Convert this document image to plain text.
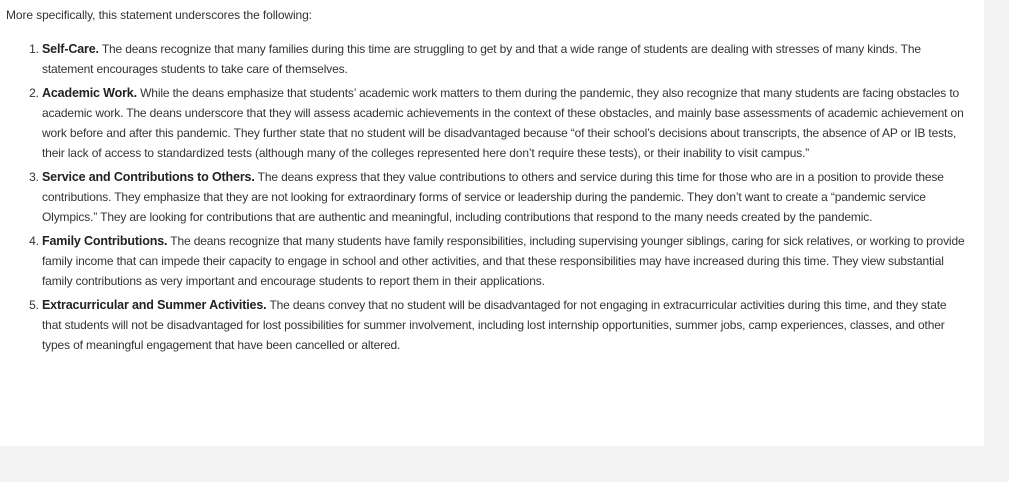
More specifically, this statement underscores the following:

1. Self-Care. The deans recognize that many families during this time are struggling to get by and that a wide range of students are dealing with stresses of many kinds. The statement encourages students to take care of themselves.
2. Academic Work. While the deans emphasize that students’ academic work matters to them during the pandemic, they also recognize that many students are facing obstacles to academic work. The deans underscore that they will assess academic achievements in the context of these obstacles, and mainly base assessments of academic achievement on work before and after this pandemic. They further state that no student will be disadvantaged because “of their school’s decisions about transcripts, the absence of AP or IB tests, their lack of access to standardized tests (although many of the colleges represented here don’t require these tests), or their inability to visit campus.”
3. Service and Contributions to Others. The deans express that they value contributions to others and service during this time for those who are in a position to provide these contributions. They emphasize that they are not looking for extraordinary forms of service or leadership during the pandemic. They don’t want to create a “pandemic service Olympics.” They are looking for contributions that are authentic and meaningful, including contributions that respond to the many needs created by the pandemic.
4. Family Contributions. The deans recognize that many students have family responsibilities, including supervising younger siblings, caring for sick relatives, or working to provide family income that can impede their capacity to engage in school and other activities, and that these responsibilities may have increased during this time. They view substantial family contributions as very important and encourage students to report them in their applications.
5. Extracurricular and Summer Activities. The deans convey that no student will be disadvantaged for not engaging in extracurricular activities during this time, and they state that students will not be disadvantaged for lost possibilities for summer involvement, including lost internship opportunities, summer jobs, camp experiences, classes, and other types of meaningful engagement that have been cancelled or altered.
